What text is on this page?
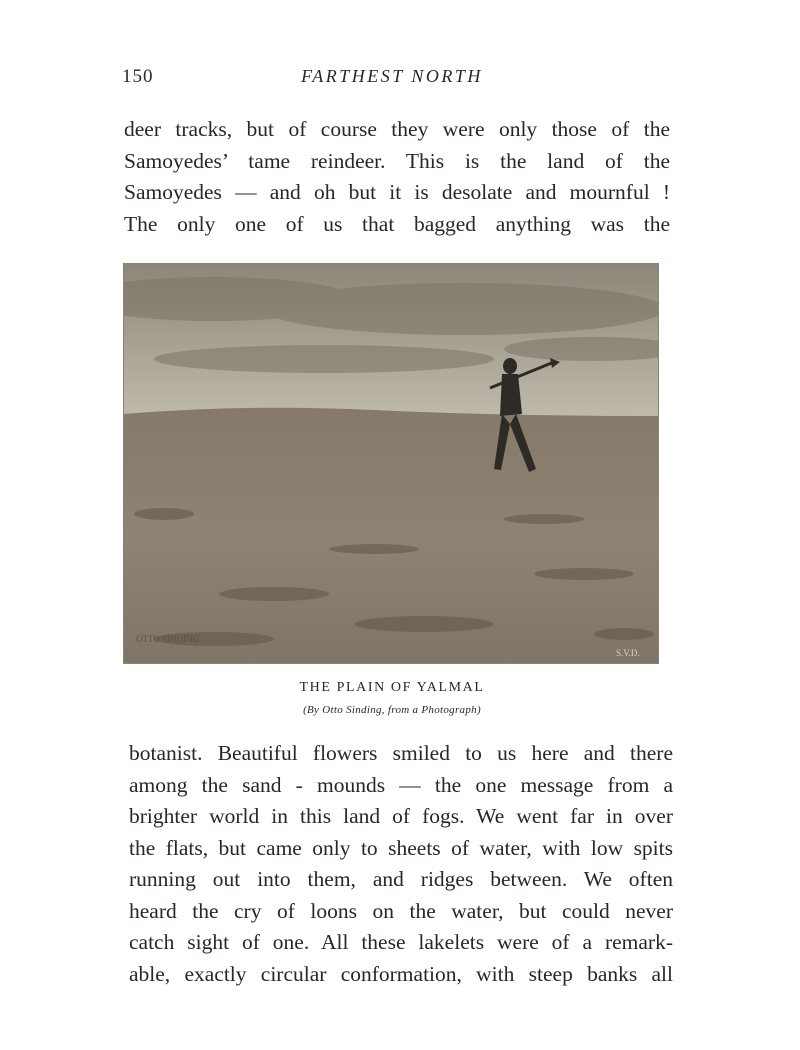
150	FARTHEST NORTH
deer tracks, but of course they were only those of the
Samoyedes’ tame reindeer. This is the land of the
Samoyedes — and oh but it is desolate and mournful !
The only one of us that bagged anything was the
OTTO SINDING
S.V.D.
THE PLAIN OF YALMAL
(By Otto Sinding, from a Photograph)
botanist. Beautiful flowers smiled to us here and there
among the sand - mounds — the one message from a
brighter world in this land of fogs. We went far in over
the flats, but came only to sheets of water, with low spits
running out into them, and ridges between. We often
heard the cry of loons on the water, but could never
catch sight of one. All these lakelets were of a remark-
able, exactly circular conformation, with steep banks all
